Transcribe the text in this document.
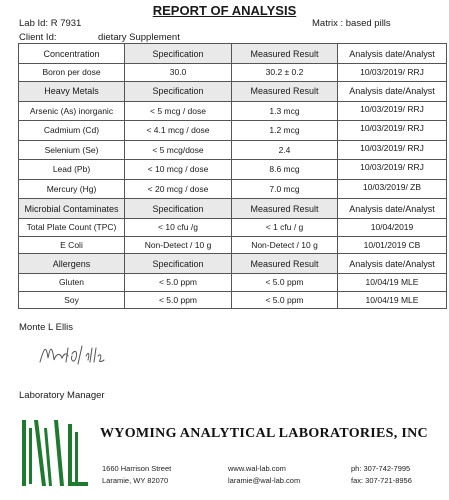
REPORT OF ANALYSIS
Lab Id: R 7931	Matrix : based pills
Client Id:	dietary Supplement
Concentration	Specification	Measured Result	Analysis date/Analyst
Boron per dose	30.0	30.2 ± 0.2	10/03/2019/ RRJ
Heavy Metals	Specification	Measured Result	Analysis date/Analyst
Arsenic (As) inorganic	< 5 mcg / dose	1.3 mcg	10/03/2019/ RRJ
Cadmium (Cd)	< 4.1 mcg / dose	1.2 mcg	10/03/2019/ RRJ
Selenium (Se)	< 5 mcg/dose	2.4	10/03/2019/ RRJ
Lead (Pb)	< 10 mcg / dose	8.6 mcg	10/03/2019/ RRJ
Mercury (Hg)	< 20 mcg / dose	7.0 mcg	10/03/2019/ ZB
Microbial Contaminates	Specification	Measured Result	Analysis date/Analyst
Total Plate Count (TPC)	< 10 cfu /g	< 1 cfu / g	10/04/2019
E Coli	Non-Detect / 10 g	Non-Detect / 10 g	10/01/2019 CB
Allergens	Specification	Measured Result	Analysis date/Analyst
Gluten	< 5.0 ppm	< 5.0 ppm	10/04/19 MLE
Soy	< 5.0 ppm	< 5.0 ppm	10/04/19 MLE
Monte L Ellis
Laboratory Manager
WYOMING ANALYTICAL LABORATORIES, INC
1660 Harrison Street
Laramie, WY 82070
www.wal-lab.com
laramie@wal-lab.com
ph: 307-742-7995
fax: 307-721-8956
